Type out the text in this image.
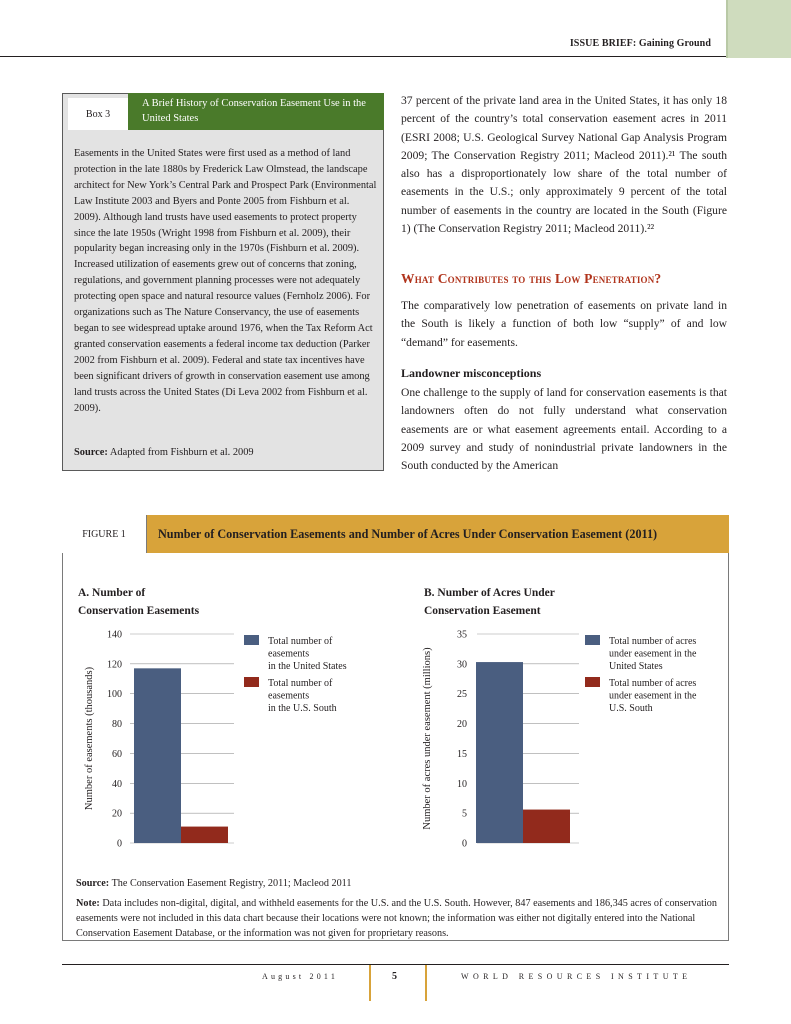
ISSUE BRIEF: Gaining Ground
Box 3
A Brief History of Conservation Easement Use in the United States
Easements in the United States were first used as a method of land protection in the late 1880s by Frederick Law Olmstead, the landscape architect for New York’s Central Park and Prospect Park (Environmental Law Institute 2003 and Byers and Ponte 2005 from Fishburn et al. 2009). Although land trusts have used easements to protect property since the late 1950s (Wright 1998 from Fishburn et al. 2009), their popularity began increasing only in the 1970s (Fishburn et al. 2009). Increased utilization of easements grew out of concerns that zoning, regulations, and government planning processes were not adequately protecting open space and natural resource values (Fernholz 2006). For organizations such as The Nature Conservancy, the use of easements began to see widespread uptake around 1976, when the Tax Reform Act granted conservation easements a federal income tax deduction (Parker 2002 from Fishburn et al. 2009). Federal and state tax incentives have been significant drivers of growth in conservation easement use among land trusts across the United States (Di Leva 2002 from Fishburn et al. 2009).
Source: Adapted from Fishburn et al. 2009
37 percent of the private land area in the United States, it has only 18 percent of the country’s total conservation easement acres in 2011 (ESRI 2008; U.S. Geological Survey National Gap Analysis Program 2009; The Conservation Registry 2011; Macleod 2011).²¹ The south also has a disproportionately low share of the total number of easements in the U.S.; only approximately 9 percent of the total number of easements in the country are located in the South (Figure 1) (The Conservation Registry 2011; Macleod 2011).²²
What Contributes to this Low Penetration?
The comparatively low penetration of easements on private land in the South is likely a function of both low “supply” of and low “demand” for easements.
Landowner misconceptions
One challenge to the supply of land for conservation easements is that landowners often do not fully understand what conservation easements are or what easement agreements entail. According to a 2009 survey and study of nonindustrial private landowners in the South conducted by the American
FIGURE 1	Number of Conservation Easements and Number of Acres Under Conservation Easement (2011)
A. Number of
Conservation Easements
0
20
40
60
80
100
120
140
Number of easements (thousands)
Total number of
easements
in the United States
Total number of
easements
in the U.S. South
B. Number of Acres Under
Conservation Easement
0
5
10
15
20
25
30
35
Number of acres under easement (millions)
Total number of acres
under easement in the
United States
Total number of acres
under easement in the
U.S. South
Source: The Conservation Easement Registry, 2011; Macleod 2011
Note: Data includes non-digital, digital, and withheld easements for the U.S. and the U.S. South. However, 847 easements and 186,345 acres of conservation easements were not included in this data chart because their locations were not known; the information was either not digitally entered into the National Conservation Easement Database, or the information was not given for proprietary reasons.
August 2011	5	WORLD RESOURCES INSTITUTE
